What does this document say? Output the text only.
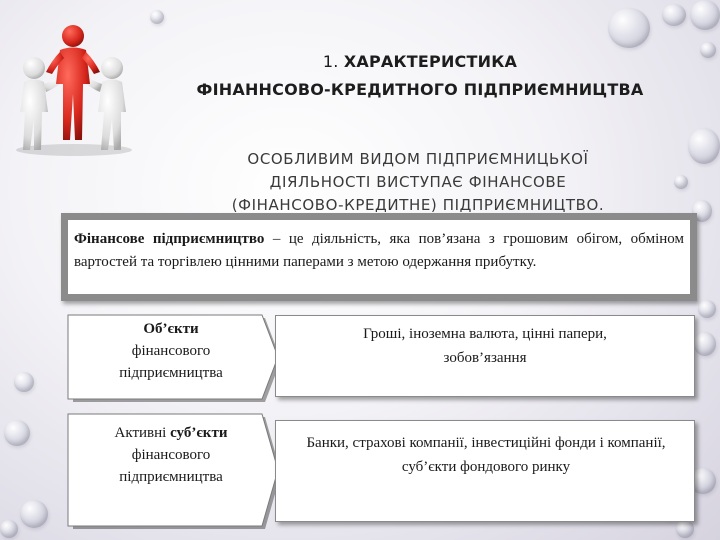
1. ХАРАКТЕРИСТИКА
ФІНАННСОВО-КРЕДИТНОГО ПІДПРИЄМНИЦТВА
ОСОБЛИВИМ ВИДОМ ПІДПРИЄМНИЦЬКОЇ
ДІЯЛЬНОСТІ ВИСТУПАЄ ФІНАНСОВЕ
(ФІНАНСОВО-КРЕДИТНЕ) ПІДПРИЄМНИЦТВО.
Фінансове підприємництво – це діяльність, яка пов’язана з грошовим обігом, обміном вартостей та торгівлею цінними паперами з метою одержання прибутку.
Об’єкти
фінансового підприємництва
Гроші, іноземна валюта, цінні папери, зобов’язання
Активні суб’єкти
фінансового підприємництва
Банки, страхові компанії, інвестиційні фонди і компанії, суб’єкти фондового ринку
